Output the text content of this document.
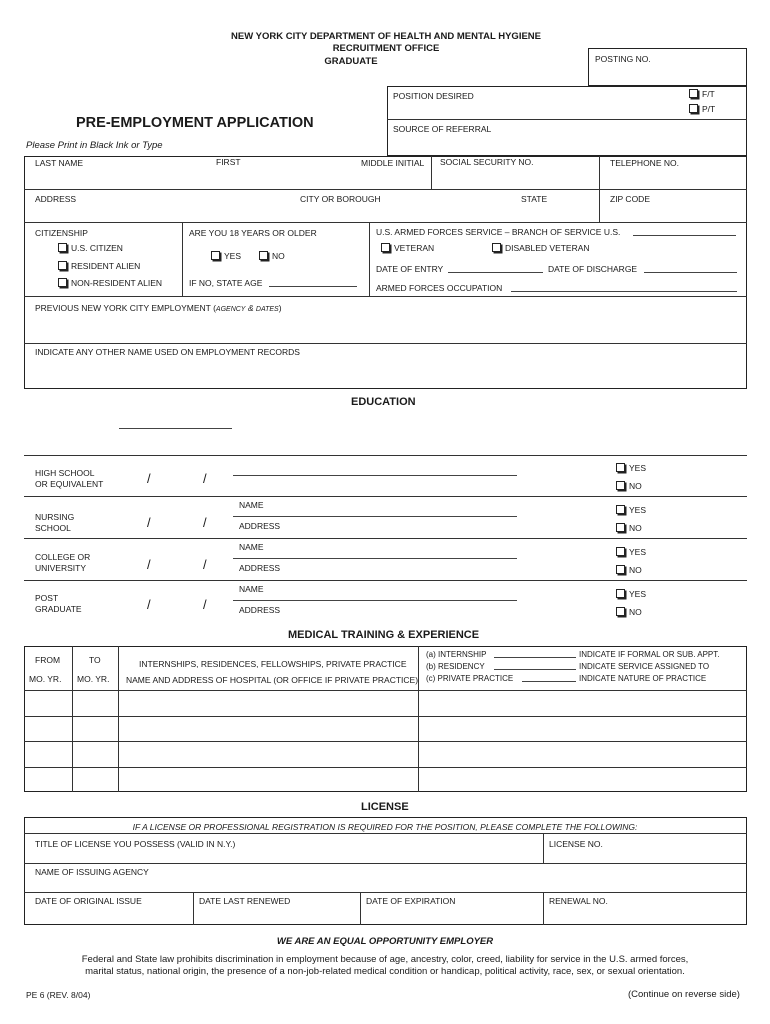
NEW YORK CITY DEPARTMENT OF HEALTH AND MENTAL HYGIENE
RECRUITMENT OFFICE
GRADUATE	POSTING NO.
POSITION DESIRED	F/T
P/T
SOURCE OF REFERRAL
PRE-EMPLOYMENT APPLICATION
Please Print in Black Ink or Type
LAST NAME	FIRST	MIDDLE INITIAL SOCIAL SECURITY NO.	TELEPHONE NO.
ADDRESS	CITY OR BOROUGH	STATE	ZIP CODE
CITIZENSHIP
U.S. CITIZEN
RESIDENT ALIEN
NON-RESIDENT ALIEN
ARE YOU 18 YEARS OR OLDER
YES	NO
IF NO, STATE AGE
U.S. ARMED FORCES SERVICE – BRANCH OF SERVICE U.S.
VETERAN	DISABLED VETERAN
DATE OF ENTRY	DATE OF DISCHARGE
ARMED FORCES OCCUPATION
PREVIOUS NEW YORK CITY EMPLOYMENT (AGENCY & DATES)
INDICATE ANY OTHER NAME USED ON EMPLOYMENT RECORDS
EDUCATION
HIGH SCHOOL
OR EQUIVALENT	/	/
YES
NO
NAME
ADDRESS
NURSING
SCHOOL	/	/
YES
NO
NAME
ADDRESS
COLLEGE OR
UNIVERSITY	/	/
YES
NO
NAME
ADDRESS
POST
GRADUATE	/	/
YES
NO
MEDICAL TRAINING & EXPERIENCE
FROM	TO
MO. YR. MO. YR.
INTERNSHIPS, RESIDENCES, FELLOWSHIPS, PRIVATE PRACTICE
NAME AND ADDRESS OF HOSPITAL (OR OFFICE IF PRIVATE PRACTICE)
(a) INTERNSHIP	INDICATE IF FORMAL OR SUB. APPT.
(b) RESIDENCY	INDICATE SERVICE ASSIGNED TO
(c) PRIVATE PRACTICE	INDICATE NATURE OF PRACTICE
LICENSE
IF A LICENSE OR PROFESSIONAL REGISTRATION IS REQUIRED FOR THE POSITION, PLEASE COMPLETE THE FOLLOWING:
TITLE OF LICENSE YOU POSSESS (VALID IN N.Y.)	LICENSE NO.
NAME OF ISSUING AGENCY
DATE OF ORIGINAL ISSUE	DATE LAST RENEWED	DATE OF EXPIRATION	RENEWAL NO.
WE ARE AN EQUAL OPPORTUNITY EMPLOYER
Federal and State law prohibits discrimination in employment because of age, ancestry, color, creed, liability for service in the U.S. armed forces,
marital status, national origin, the presence of a non-job-related medical condition or handicap, political activity, race, sex, or sexual orientation.
PE 6 (REV. 8/04)	(Continue on reverse side)
